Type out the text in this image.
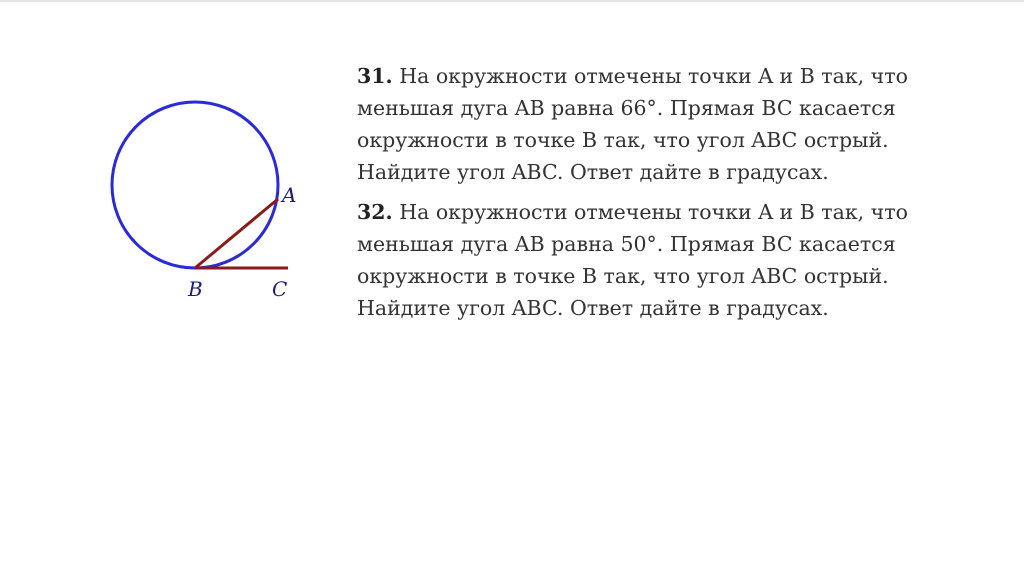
A
B	C
31. На окружности отмечены точки A и B так, что
меньшая дуга AB равна 66°. Прямая BC касается
окружности в точке B так, что угол ABC острый.
Найдите угол ABC. Ответ дайте в градусах.
32. На окружности отмечены точки A и B так, что
меньшая дуга AB равна 50°. Прямая BC касается
окружности в точке B так, что угол ABC острый.
Найдите угол ABC. Ответ дайте в градусах.
